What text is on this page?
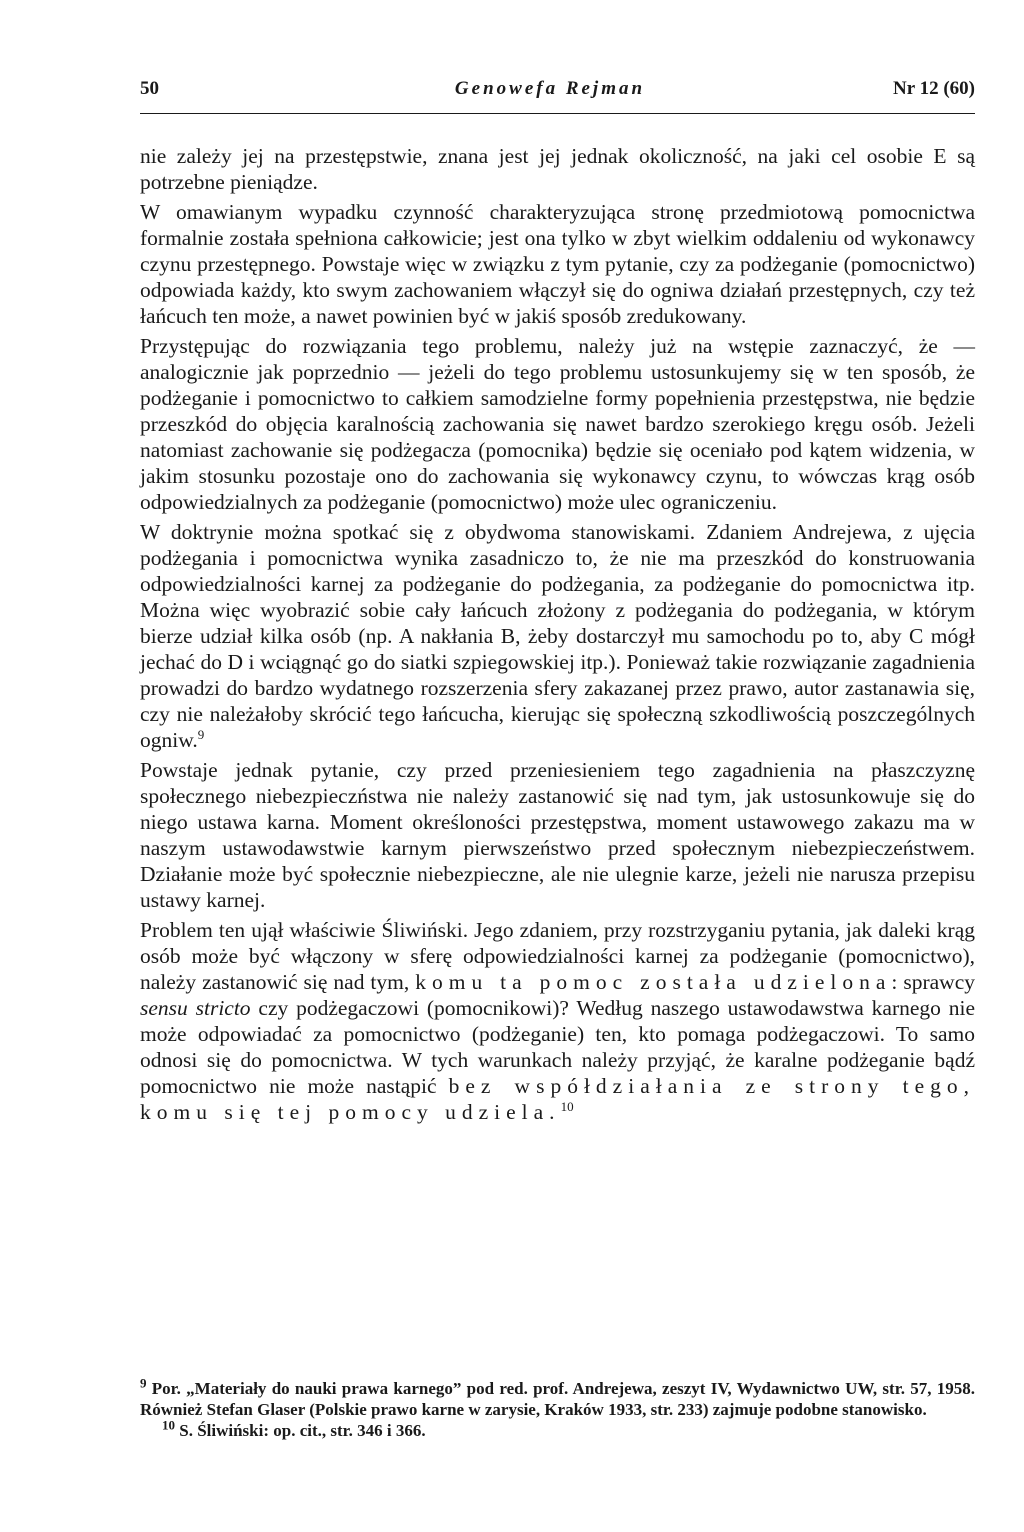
50	Genowefa Rejman	Nr 12 (60)

nie zależy jej na przestępstwie, znana jest jej jednak okoliczność, na jaki cel osobie E są potrzebne pieniądze.

W omawianym wypadku czynność charakteryzująca stronę przedmiotową pomocnictwa formalnie została spełniona całkowicie; jest ona tylko w zbyt wielkim oddaleniu od wykonawcy czynu przestępnego. Powstaje więc w związku z tym pytanie, czy za podżeganie (pomocnictwo) odpowiada każdy, kto swym zachowaniem włączył się do ogniwa działań przestępnych, czy też łańcuch ten może, a nawet powinien być w jakiś sposób zredukowany.

Przystępując do rozwiązania tego problemu, należy już na wstępie zaznaczyć, że — analogicznie jak poprzednio — jeżeli do tego problemu ustosunkujemy się w ten sposób, że podżeganie i pomocnictwo to całkiem samodzielne formy popełnienia przestępstwa, nie będzie przeszkód do objęcia karalnością zachowania się nawet bardzo szerokiego kręgu osób. Jeżeli natomiast zachowanie się podżegacza (pomocnika) będzie się oceniało pod kątem widzenia, w jakim stosunku pozostaje ono do zachowania się wykonawcy czynu, to wówczas krąg osób odpowiedzialnych za podżeganie (pomocnictwo) może ulec ograniczeniu.

W doktrynie można spotkać się z obydwoma stanowiskami. Zdaniem Andrejewa, z ujęcia podżegania i pomocnictwa wynika zasadniczo to, że nie ma przeszkód do konstruowania odpowiedzialności karnej za podżeganie do podżegania, za podżeganie do pomocnictwa itp. Można więc wyobrazić sobie cały łańcuch złożony z podżegania do podżegania, w którym bierze udział kilka osób (np. A nakłania B, żeby dostarczył mu samochodu po to, aby C mógł jechać do D i wciągnąć go do siatki szpiegowskiej itp.). Ponieważ takie rozwiązanie zagadnienia prowadzi do bardzo wydatnego rozszerzenia sfery zakazanej przez prawo, autor zastanawia się, czy nie należałoby skrócić tego łańcucha, kierując się społeczną szkodliwością poszczególnych ogniw.$^9$

Powstaje jednak pytanie, czy przed przeniesieniem tego zagadnienia na płaszczyznę społecznego niebezpieczństwa nie należy zastanowić się nad tym, jak ustosunkowuje się do niego ustawa karna. Moment określoności przestępstwa, moment ustawowego zakazu ma w naszym ustawodawstwie karnym pierwszeństwo przed społecznym niebezpieczeństwem. Działanie może być społecznie niebezpieczne, ale nie ulegnie karze, jeżeli nie narusza przepisu ustawy karnej.

Problem ten ujął właściwie Śliwiński. Jego zdaniem, przy rozstrzyganiu pytania, jak daleki krąg osób może być włączony w sferę odpowiedzialności karnej za podżeganie (pomocnictwo), należy zastanowić się nad tym, komu ta pomoc została udzielona: sprawcy sensu stricto czy podżegaczowi (pomocnikowi)? Według naszego ustawodawstwa karnego nie może odpowiadać za pomocnictwo (podżeganie) ten, kto pomaga podżegaczowi. To samo odnosi się do pomocnictwa. W tych warunkach należy przyjąć, że karalne podżeganie bądź pomocnictwo nie może nastąpić bez współdziałania ze strony tego, komu się tej pomocy udziela.$^{10}$

$^9$ Por. „Materiały do nauki prawa karnego” pod red. prof. Andrejewa, zeszyt IV, Wydawnictwo UW, str. 57, 1958. Również Stefan Glaser (Polskie prawo karne w zarysie, Kraków 1933, str. 233) zajmuje podobne stanowisko.

$^{10}$ S. Śliwiński: op. cit., str. 346 i 366.
